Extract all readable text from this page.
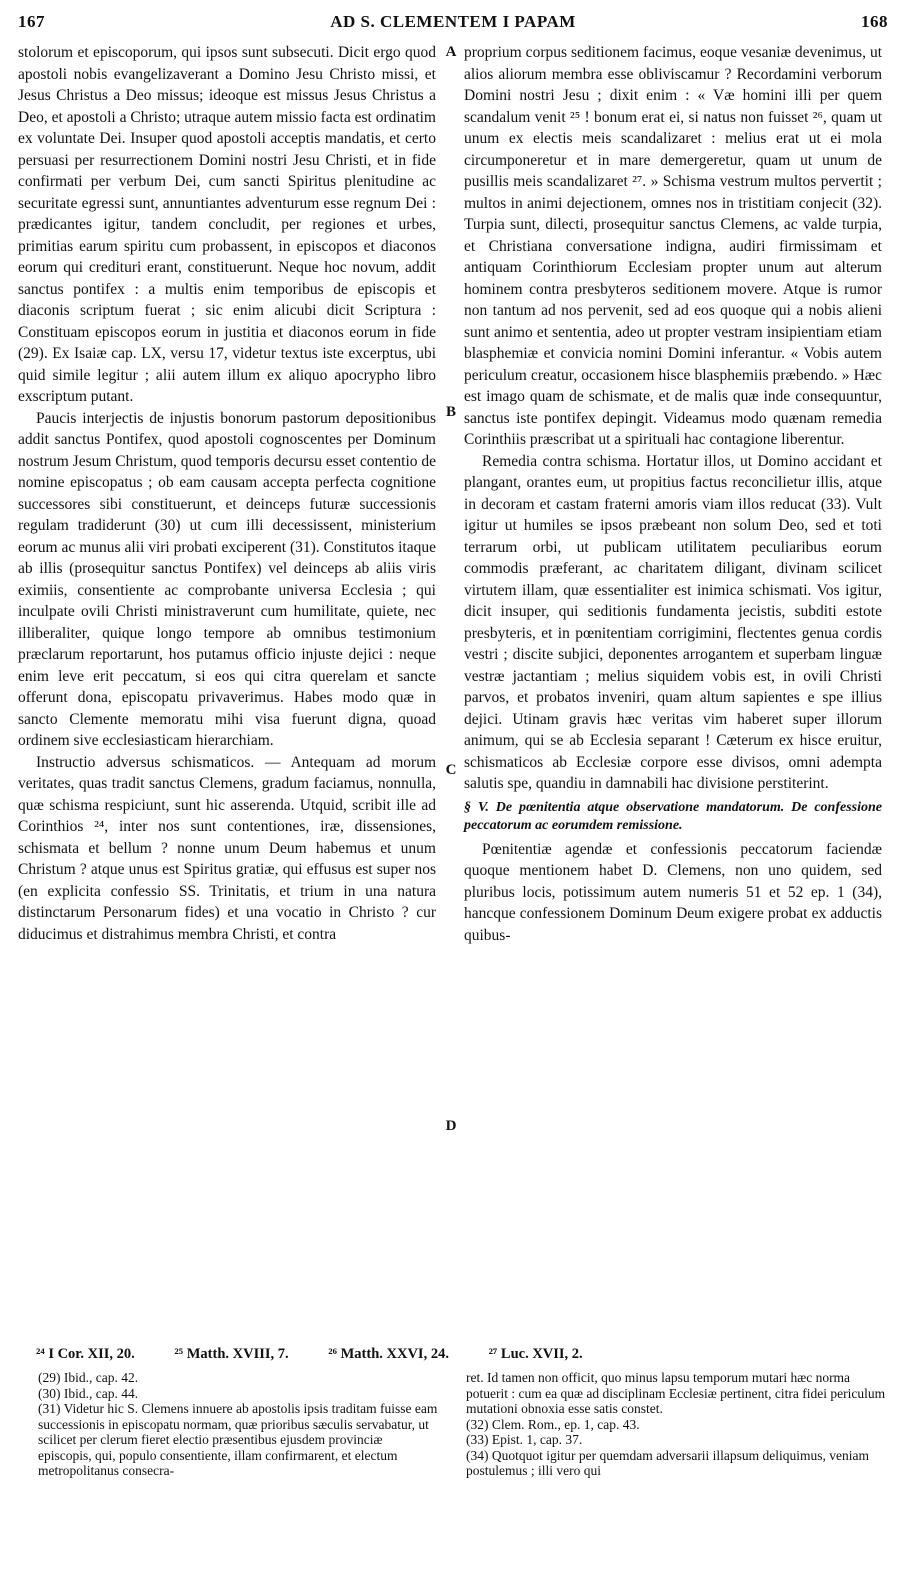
167	AD S. CLEMENTEM I PAPAM	168

stolorum et episcoporum, qui ipsos sunt subsecuti. Dicit ergo quod apostoli nobis evangelizaverant a Domino Jesu Christo missi, et Jesus Christus a Deo missus; ideoque est missus Jesus Christus a Deo, et apostoli a Christo; utraque autem missio facta est ordinatim ex voluntate Dei. Insuper quod apostoli acceptis mandatis, et certo persuasi per resurrectionem Domini nostri Jesu Christi, et in fide confirmati per verbum Dei, cum sancti Spiritus plenitudine ac securitate egressi sunt, annuntiantes adventurum esse regnum Dei : prædicantes igitur, tandem concludit, per regiones et urbes, primitias earum spiritu cum probassent, in episcopos et diaconos eorum qui credituri erant, constituerunt. Neque hoc novum, addit sanctus pontifex : a multis enim temporibus de episcopis et diaconis scriptum fuerat ; sic enim alicubi dicit Scriptura : Constituam episcopos eorum in justitia et diaconos eorum in fide (29). Ex Isaiæ cap. LX, versu 17, videtur textus iste excerptus, ubi quid simile legitur ; alii autem illum ex aliquo apocrypho libro exscriptum putant.

Paucis interjectis de injustis bonorum pastorum depositionibus addit sanctus Pontifex, quod apostoli cognoscentes per Dominum nostrum Jesum Christum, quod temporis decursu esset contentio de nomine episcopatus ; ob eam causam accepta perfecta cognitione successores sibi constituerunt, et deinceps futuræ successionis regulam tradiderunt (30) ut cum illi decessissent, ministerium eorum ac munus alii viri probati exciperent (31). Constitutos itaque ab illis (prosequitur sanctus Pontifex) vel deinceps ab aliis viris eximiis, consentiente ac comprobante universa Ecclesia ; qui inculpate ovili Christi ministraverunt cum humilitate, quiete, nec illiberaliter, quique longo tempore ab omnibus testimonium præclarum reportarunt, hos putamus officio injuste dejici : neque enim leve erit peccatum, si eos qui citra querelam et sancte offerunt dona, episcopatu privaverimus. Habes modo quæ in sancto Clemente memoratu mihi visa fuerunt digna, quoad ordinem sive ecclesiasticam hierarchiam.

Instructio adversus schismaticos. — Antequam ad morum veritates, quas tradit sanctus Clemens, gradum faciamus, nonnulla, quæ schisma respiciunt, sunt hic asserenda. Utquid, scribit ille ad Corinthios ²⁴, inter nos sunt contentiones, iræ, dissensiones, schismata et bellum ? nonne unum Deum habemus et unum Christum ? atque unus est Spiritus gratiæ, qui effusus est super nos (en explicita confessio SS. Trinitatis, et trium in una natura distinctarum Personarum fides) et una vocatio in Christo ? cur diducimus et distrahimus membra Christi, et contra

A
B
C
D

proprium corpus seditionem facimus, eoque vesaniæ devenimus, ut alios aliorum membra esse obliviscamur ? Recordamini verborum Domini nostri Jesu ; dixit enim : « Væ homini illi per quem scandalum venit ²⁵ ! bonum erat ei, si natus non fuisset ²⁶, quam ut unum ex electis meis scandalizaret : melius erat ut ei mola circumponeretur et in mare demergeretur, quam ut unum de pusillis meis scandalizaret ²⁷. » Schisma vestrum multos pervertit ; multos in animi dejectionem, omnes nos in tristitiam conjecit (32). Turpia sunt, dilecti, prosequitur sanctus Clemens, ac valde turpia, et Christiana conversatione indigna, audiri firmissimam et antiquam Corinthiorum Ecclesiam propter unum aut alterum hominem contra presbyteros seditionem movere. Atque is rumor non tantum ad nos pervenit, sed ad eos quoque qui a nobis alieni sunt animo et sententia, adeo ut propter vestram insipientiam etiam blasphemiæ et convicia nomini Domini inferantur. « Vobis autem periculum creatur, occasionem hisce blasphemiis præbendo. » Hæc est imago quam de schismate, et de malis quæ inde consequuntur, sanctus iste pontifex depingit. Videamus modo quænam remedia Corinthiis præscribat ut a spirituali hac contagione liberentur.

Remedia contra schisma. Hortatur illos, ut Domino accidant et plangant, orantes eum, ut propitius factus reconcilietur illis, atque in decoram et castam fraterni amoris viam illos reducat (33). Vult igitur ut humiles se ipsos præbeant non solum Deo, sed et toti terrarum orbi, ut publicam utilitatem peculiaribus eorum commodis præferant, ac charitatem diligant, divinam scilicet virtutem illam, quæ essentialiter est inimica schismati. Vos igitur, dicit insuper, qui seditionis fundamenta jecistis, subditi estote presbyteris, et in pœnitentiam corrigimini, flectentes genua cordis vestri ; discite subjici, deponentes arrogantem et superbam linguæ vestræ jactantiam ; melius siquidem vobis est, in ovili Christi parvos, et probatos inveniri, quam altum sapientes e spe illius dejici. Utinam gravis hæc veritas vim haberet super illorum animum, qui se ab Ecclesia separant ! Cæterum ex hisce eruitur, schismaticos ab Ecclesiæ corpore esse divisos, omni adempta salutis spe, quandiu in damnabili hac divisione perstiterint.

§ V. De pœnitentia atque observatione mandatorum. De confessione peccatorum ac eorumdem remissione.

Pœnitentiæ agendæ et confessionis peccatorum faciendæ quoque mentionem habet D. Clemens, non uno quidem, sed pluribus locis, potissimum autem numeris 51 et 52 ep. 1 (34), hancque confessionem Dominum Deum exigere probat ex adductis quibus-

²⁴ I Cor. XII, 20.	²⁵ Matth. XVIII, 7.	²⁶ Matth. XXVI, 24.	²⁷ Luc. XVII, 2.
(29) Ibid., cap. 42.
(30) Ibid., cap. 44.
(31) Videtur hic S. Clemens innuere ab apostolis ipsis traditam fuisse eam successionis in episcopatu normam, quæ prioribus sæculis servabatur, ut scilicet per clerum fieret electio præsentibus ejusdem provinciæ episcopis, qui, populo consentiente, illam confirmarent, et electum metropolitanus consecra-
ret. Id tamen non officit, quo minus lapsu temporum mutari hæc norma potuerit : cum ea quæ ad disciplinam Ecclesiæ pertinent, citra fidei periculum mutationi obnoxia esse satis constet.
(32) Clem. Rom., ep. 1, cap. 43.
(33) Epist. 1, cap. 37.
(34) Quotquot igitur per quemdam adversarii illapsum deliquimus, veniam postulemus ; illi vero qui
